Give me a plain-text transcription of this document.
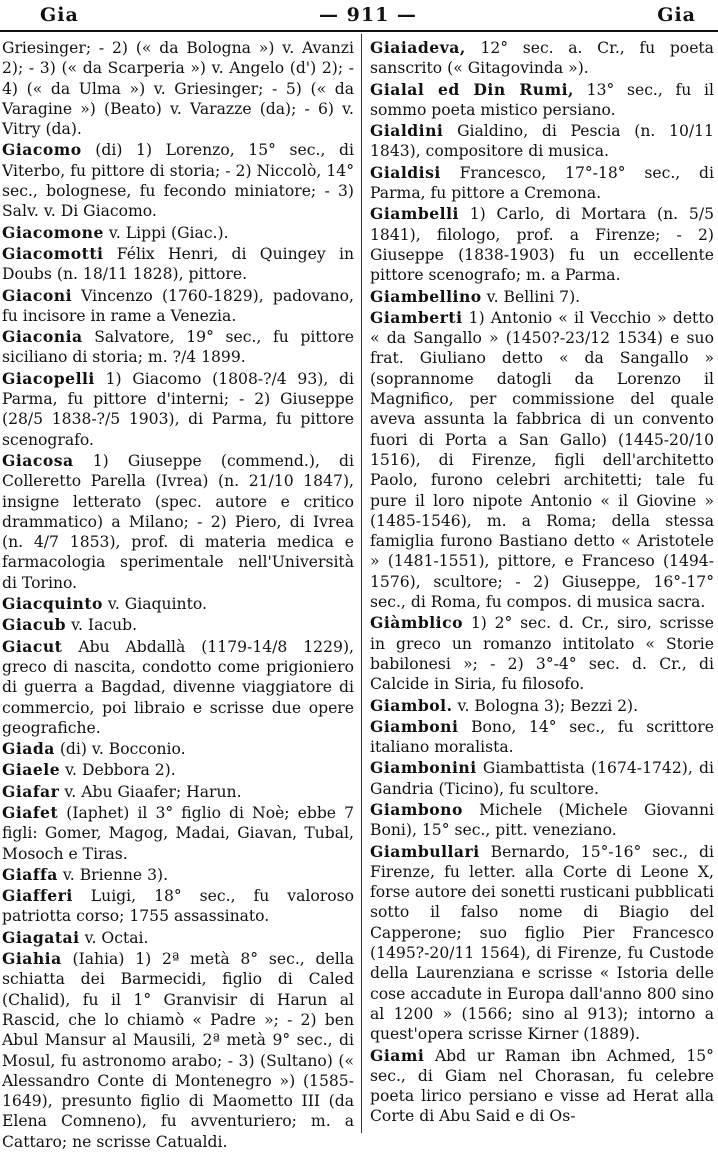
Gia	— 911 —	Gia

Griesinger; - 2) (« da Bologna ») v. Avanzi 2); - 3) (« da Scarperia ») v. Angelo (d') 2); - 4) (« da Ulma ») v. Griesinger; - 5) (« da Varagine ») (Beato) v. Varazze (da); - 6) v. Vitry (da).

Giacomo (di) 1) Lorenzo, 15° sec., di Viterbo, fu pittore di storia; - 2) Niccolò, 14° sec., bolognese, fu fecondo miniatore; - 3) Salv. v. Di Giacomo.

Giacomone v. Lippi (Giac.).

Giacomotti Félix Henri, di Quingey in Doubs (n. 18/11 1828), pittore.

Giaconi Vincenzo (1760-1829), padovano, fu incisore in rame a Venezia.

Giaconia Salvatore, 19° sec., fu pittore siciliano di storia; m. ?/4 1899.

Giacopelli 1) Giacomo (1808-?/4 93), di Parma, fu pittore d'interni; - 2) Giuseppe (28/5 1838-?/5 1903), di Parma, fu pittore scenografo.

Giacosa 1) Giuseppe (commend.), di Colleretto Parella (Ivrea) (n. 21/10 1847), insigne letterato (spec. autore e critico drammatico) a Milano; - 2) Piero, di Ivrea (n. 4/7 1853), prof. di materia medica e farmacologia sperimentale nell'Università di Torino.

Giacquinto v. Giaquinto.

Giacub v. Iacub.

Giacut Abu Abdallà (1179-14/8 1229), greco di nascita, condotto come prigioniero di guerra a Bagdad, divenne viaggiatore di commercio, poi libraio e scrisse due opere geografiche.

Giada (di) v. Bocconio.

Giaele v. Debbora 2).

Giafar v. Abu Giaafer; Harun.

Giafet (Iaphet) il 3° figlio di Noè; ebbe 7 figli: Gomer, Magog, Madai, Giavan, Tubal, Mosoch e Tiras.

Giaffa v. Brienne 3).

Giafferi Luigi, 18° sec., fu valoroso patriotta corso; 1755 assassinato.

Giagatai v. Octai.

Giahia (Iahia) 1) 2ª metà 8° sec., della schiatta dei Barmecidi, figlio di Caled (Chalid), fu il 1° Granvisir di Harun al Rascid, che lo chiamò « Padre »; - 2) ben Abul Mansur al Mausili, 2ª metà 9° sec., di Mosul, fu astronomo arabo; - 3) (Sultano) (« Alessandro Conte di Montenegro ») (1585-1649), presunto figlio di Maometto III (da Elena Comneno), fu avventuriero; m. a Cattaro; ne scrisse Catualdi.

Giaiadeva, 12° sec. a. Cr., fu poeta sanscrito (« Gitagovinda »).

Gialal ed Din Rumi, 13° sec., fu il sommo poeta mistico persiano.

Gialdini Gialdino, di Pescia (n. 10/11 1843), compositore di musica.

Gialdisi Francesco, 17°-18° sec., di Parma, fu pittore a Cremona.

Giambelli 1) Carlo, di Mortara (n. 5/5 1841), filologo, prof. a Firenze; - 2) Giuseppe (1838-1903) fu un eccellente pittore scenografo; m. a Parma.

Giambellino v. Bellini 7).

Giamberti 1) Antonio « il Vecchio » detto « da Sangallo » (1450?-23/12 1534) e suo frat. Giuliano detto « da Sangallo » (soprannome datogli da Lorenzo il Magnifico, per commissione del quale aveva assunta la fabbrica di un convento fuori di Porta a San Gallo) (1445-20/10 1516), di Firenze, figli dell'architetto Paolo, furono celebri architetti; tale fu pure il loro nipote Antonio « il Giovine » (1485-1546), m. a Roma; della stessa famiglia furono Bastiano detto « Aristotele » (1481-1551), pittore, e Franceso (1494-1576), scultore; - 2) Giuseppe, 16°-17° sec., di Roma, fu compos. di musica sacra.

Giàmblico 1) 2° sec. d. Cr., siro, scrisse in greco un romanzo intitolato « Storie babilonesi »; - 2) 3°-4° sec. d. Cr., di Calcide in Siria, fu filosofo.

Giambol. v. Bologna 3); Bezzi 2).

Giamboni Bono, 14° sec., fu scrittore italiano moralista.

Giambonini Giambattista (1674-1742), di Gandria (Ticino), fu scultore.

Giambono Michele (Michele Giovanni Boni), 15° sec., pitt. veneziano.

Giambullari Bernardo, 15°-16° sec., di Firenze, fu letter. alla Corte di Leone X, forse autore dei sonetti rusticani pubblicati sotto il falso nome di Biagio del Capperone; suo figlio Pier Francesco (1495?-20/11 1564), di Firenze, fu Custode della Laurenziana e scrisse « Istoria delle cose accadute in Europa dall'anno 800 sino al 1200 » (1566; sino al 913); intorno a quest'opera scrisse Kirner (1889).

Giami Abd ur Raman ibn Achmed, 15° sec., di Giam nel Chorasan, fu celebre poeta lirico persiano e visse ad Herat alla Corte di Abu Said e di Os-
